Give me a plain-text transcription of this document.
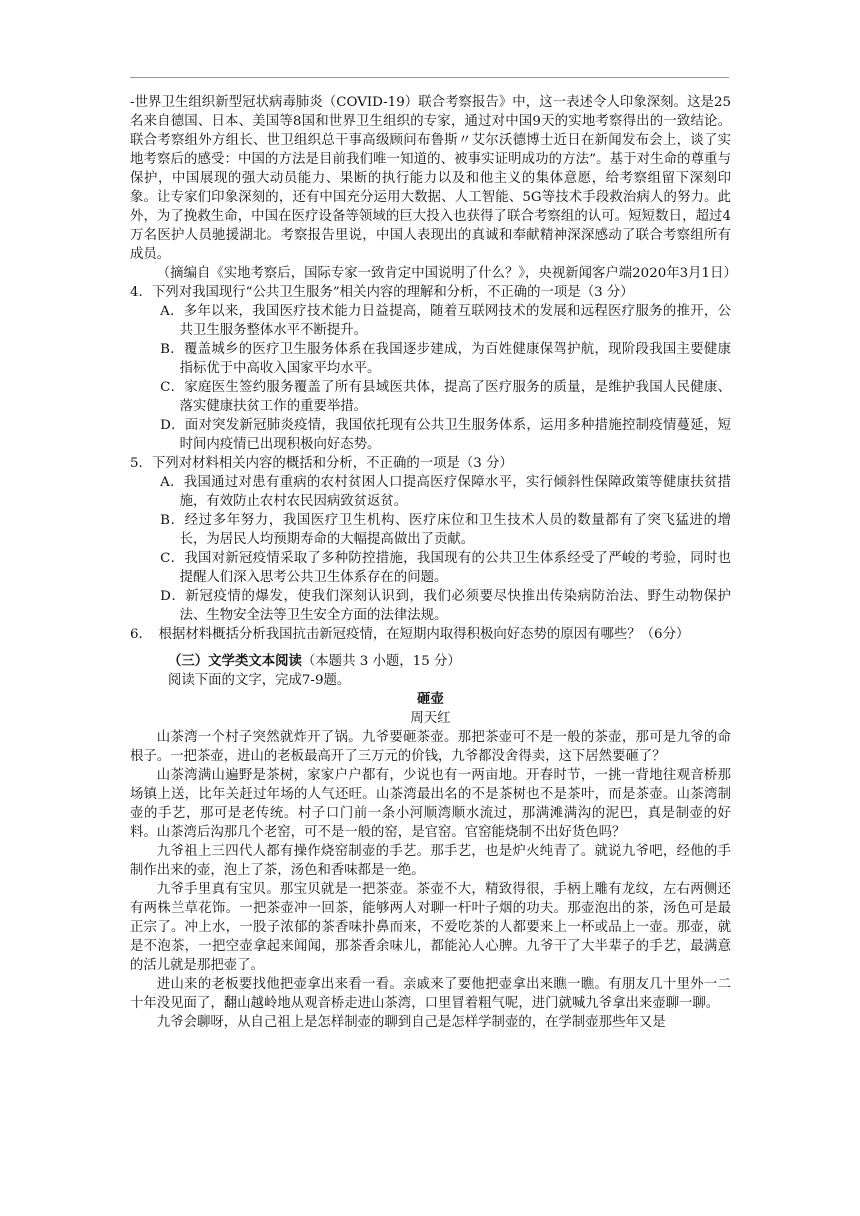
-世界卫生组织新型冠状病毒肺炎（COVID-19）联合考察报告》中，这一表述令人印象深刻。这是25名来自德国、日本、美国等8国和世界卫生组织的专家，通过对中国9天的实地考察得出的一致结论。联合考察组外方组长、世卫组织总干事高级顾问布鲁斯〃艾尔沃德博士近日在新闻发布会上，谈了实地考察后的感受：中国的方法是目前我们唯一知道的、被事实证明成功的方法”。基于对生命的尊重与保护，中国展现的强大动员能力、果断的执行能力以及和他主义的集体意愿，给考察组留下深刻印象。让专家们印象深刻的，还有中国充分运用大数据、人工智能、5G等技术手段救治病人的努力。此外，为了挽救生命，中国在医疗设备等领域的巨大投入也获得了联合考察组的认可。短短数日，超过4万名医护人员驰援湖北。考察报告里说，中国人表现出的真诚和奉献精神深深感动了联合考察组所有成员。

（摘编自《实地考察后，国际专家一致肯定中国说明了什么？》，央视新闻客户端2020年3月1日）

4．下列对我国现行“公共卫生服务”相关内容的理解和分析，不正确的一项是（3 分）

A．多年以来，我国医疗技术能力日益提高，随着互联网技术的发展和远程医疗服务的推开，公共卫生服务整体水平不断提升。

B．覆盖城乡的医疗卫生服务体系在我国逐步建成，为百姓健康保驾护航，现阶段我国主要健康指标优于中高收入国家平均水平。

C．家庭医生签约服务覆盖了所有县域医共体，提高了医疗服务的质量，是维护我国人民健康、落实健康扶贫工作的重要举措。

D．面对突发新冠肺炎疫情，我国依托现有公共卫生服务体系，运用多种措施控制疫情蔓延，短时间内疫情已出现积极向好态势。

5．下列对材料相关内容的概括和分析，不正确的一项是（3 分）

A．我国通过对患有重病的农村贫困人口提高医疗保障水平，实行倾斜性保障政策等健康扶贫措施，有效防止农村农民因病致贫返贫。

B．经过多年努力，我国医疗卫生机构、医疗床位和卫生技术人员的数量都有了突飞猛进的增长，为居民人均预期寿命的大幅提高做出了贡献。

C．我国对新冠疫情采取了多种防控措施，我国现有的公共卫生体系经受了严峻的考验，同时也提醒人们深入思考公共卫生体系存在的问题。

D．新冠疫情的爆发，使我们深刻认识到，我们必须要尽快推出传染病防治法、野生动物保护法、生物安全法等卫生安全方面的法律法规。

6．　根据材料概括分析我国抗击新冠疫情，在短期内取得积极向好态势的原因有哪些？（6分）

（三）文学类文本阅读（本题共 3 小题，15 分）

阅读下面的文字，完成7-9题。

砸壶

周天红

山茶湾一个村子突然就炸开了锅。九爷要砸茶壶。那把茶壶可不是一般的茶壶，那可是九爷的命根子。一把茶壶，进山的老板最高开了三万元的价钱，九爷都没舍得卖，这下居然要砸了？

山茶湾满山遍野是茶树，家家户户都有，少说也有一两亩地。开春时节，一挑一背地往观音桥那场镇上送，比年关赶过年场的人气还旺。山茶湾最出名的不是茶树也不是茶叶，而是茶壶。山茶湾制壶的手艺，那可是老传统。村子口门前一条小河顺湾顺水流过，那满滩满沟的泥巴，真是制壶的好料。山茶湾后沟那几个老窑，可不是一般的窑，是官窑。官窑能烧制不出好货色吗？

九爷祖上三四代人都有操作烧窑制壶的手艺。那手艺，也是炉火纯青了。就说九爷吧，经他的手制作出来的壶，泡上了茶，汤色和香味都是一绝。

九爷手里真有宝贝。那宝贝就是一把茶壶。茶壶不大，精致得很，手柄上雕有龙纹，左右两侧还有两株兰草花饰。一把茶壶冲一回茶，能够两人对聊一杆叶子烟的功夫。那壶泡出的茶，汤色可是最正宗了。冲上水，一股子浓郁的茶香味扑鼻而来，不爱吃茶的人都要来上一杯或品上一壶。那壶，就是不泡茶，一把空壶拿起来闻闻，那茶香余味儿，都能沁人心脾。九爷干了大半辈子的手艺，最满意的活儿就是那把壶了。

进山来的老板要找他把壶拿出来看一看。亲戚来了要他把壶拿出来瞧一瞧。有朋友几十里外一二十年没见面了，翻山越岭地从观音桥走进山茶湾，口里冒着粗气呢，进门就喊九爷拿出来壶聊一聊。

九爷会聊呀，从自己祖上是怎样制壶的聊到自己是怎样学制壶的，在学制壶那些年又是
